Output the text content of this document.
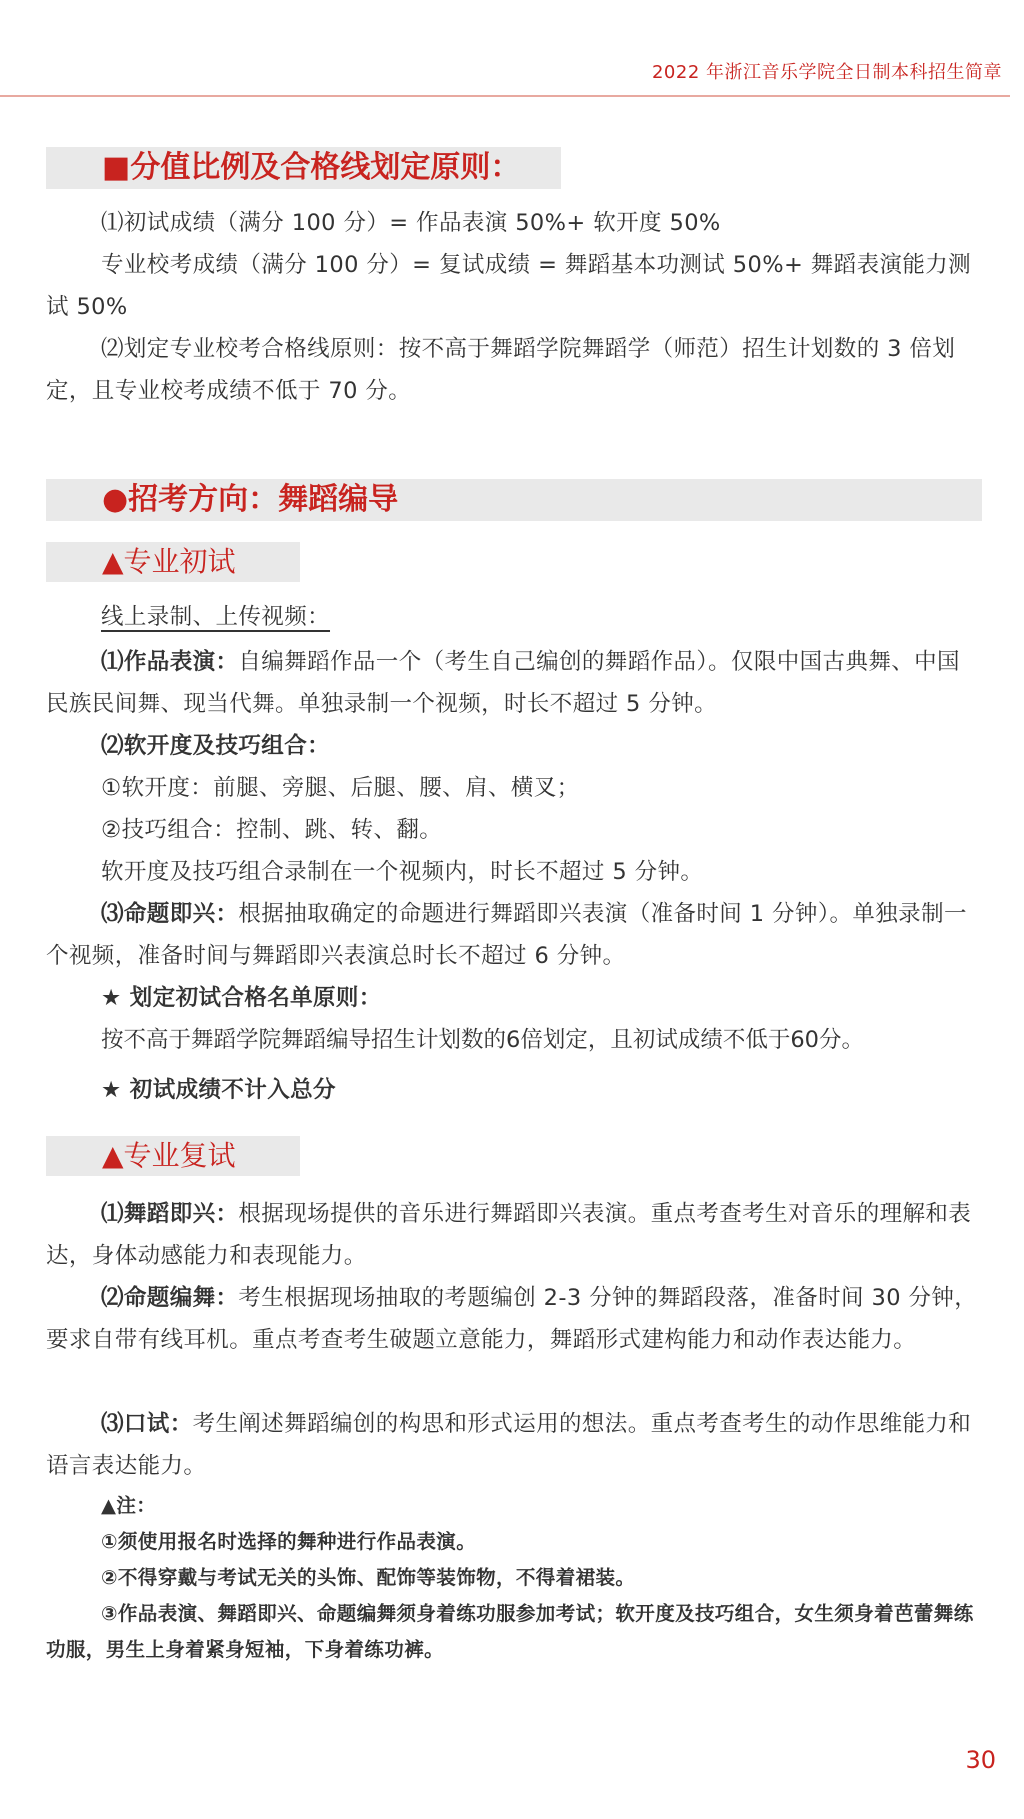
2022 年浙江音乐学院全日制本科招生简章
■分值比例及合格线划定原则：
⑴初试成绩（满分 100 分）= 作品表演 50%+ 软开度 50%
专业校考成绩（满分 100 分）= 复试成绩 = 舞蹈基本功测试 50%+ 舞蹈表演能力测试 50%
⑵划定专业校考合格线原则：按不高于舞蹈学院舞蹈学（师范）招生计划数的 3 倍划定，且专业校考成绩不低于 70 分。
●招考方向：舞蹈编导
▲专业初试
线上录制、上传视频：
⑴作品表演：自编舞蹈作品一个（考生自己编创的舞蹈作品）。仅限中国古典舞、中国民族民间舞、现当代舞。单独录制一个视频，时长不超过 5 分钟。
⑵软开度及技巧组合：
①软开度：前腿、旁腿、后腿、腰、肩、横叉；
②技巧组合：控制、跳、转、翻。
软开度及技巧组合录制在一个视频内，时长不超过 5 分钟。
⑶命题即兴：根据抽取确定的命题进行舞蹈即兴表演（准备时间 1 分钟）。单独录制一个视频，准备时间与舞蹈即兴表演总时长不超过 6 分钟。
★ 划定初试合格名单原则：
按不高于舞蹈学院舞蹈编导招生计划数的6倍划定，且初试成绩不低于60分。
★ 初试成绩不计入总分
▲专业复试
⑴舞蹈即兴：根据现场提供的音乐进行舞蹈即兴表演。重点考查考生对音乐的理解和表达，身体动感能力和表现能力。
⑵命题编舞：考生根据现场抽取的考题编创 2-3 分钟的舞蹈段落，准备时间 30 分钟，要求自带有线耳机。重点考查考生破题立意能力，舞蹈形式建构能力和动作表达能力。
⑶口试：考生阐述舞蹈编创的构思和形式运用的想法。重点考查考生的动作思维能力和语言表达能力。
▲注：
①须使用报名时选择的舞种进行作品表演。
②不得穿戴与考试无关的头饰、配饰等装饰物，不得着裙装。
③作品表演、舞蹈即兴、命题编舞须身着练功服参加考试；软开度及技巧组合，女生须身着芭蕾舞练功服，男生上身着紧身短袖，下身着练功裤。
30
